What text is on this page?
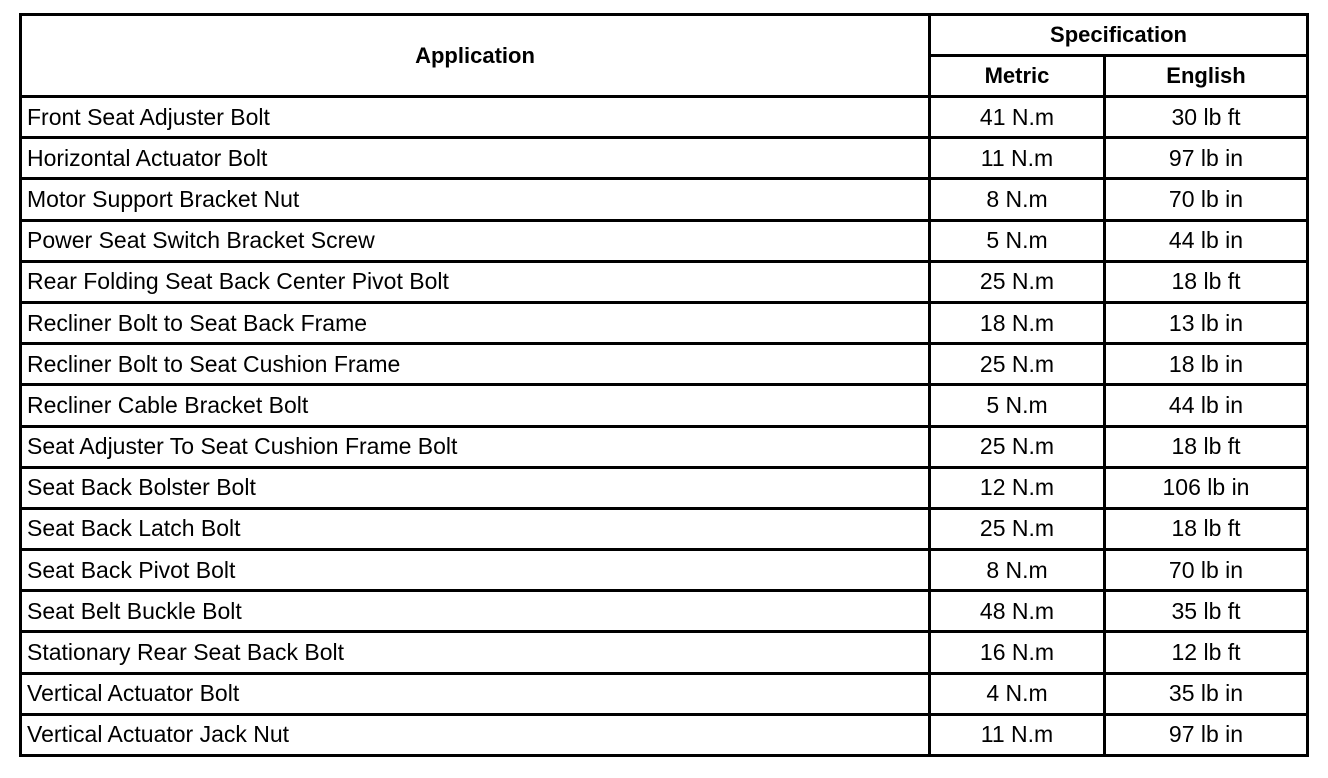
Application	Specification	
	Metric	English
Front Seat Adjuster Bolt	41 N.m	30 lb ft
Horizontal Actuator Bolt	11 N.m	97 lb in
Motor Support Bracket Nut	8 N.m	70 lb in
Power Seat Switch Bracket Screw	5 N.m	44 lb in
Rear Folding Seat Back Center Pivot Bolt	25 N.m	18 lb ft
Recliner Bolt to Seat Back Frame	18 N.m	13 lb in
Recliner Bolt to Seat Cushion Frame	25 N.m	18 lb in
Recliner Cable Bracket Bolt	5 N.m	44 lb in
Seat Adjuster To Seat Cushion Frame Bolt	25 N.m	18 lb ft
Seat Back Bolster Bolt	12 N.m	106 lb in
Seat Back Latch Bolt	25 N.m	18 lb ft
Seat Back Pivot Bolt	8 N.m	70 lb in
Seat Belt Buckle Bolt	48 N.m	35 lb ft
Stationary Rear Seat Back Bolt	16 N.m	12 lb ft
Vertical Actuator Bolt	4 N.m	35 lb in
Vertical Actuator Jack Nut	11 N.m	97 lb in
